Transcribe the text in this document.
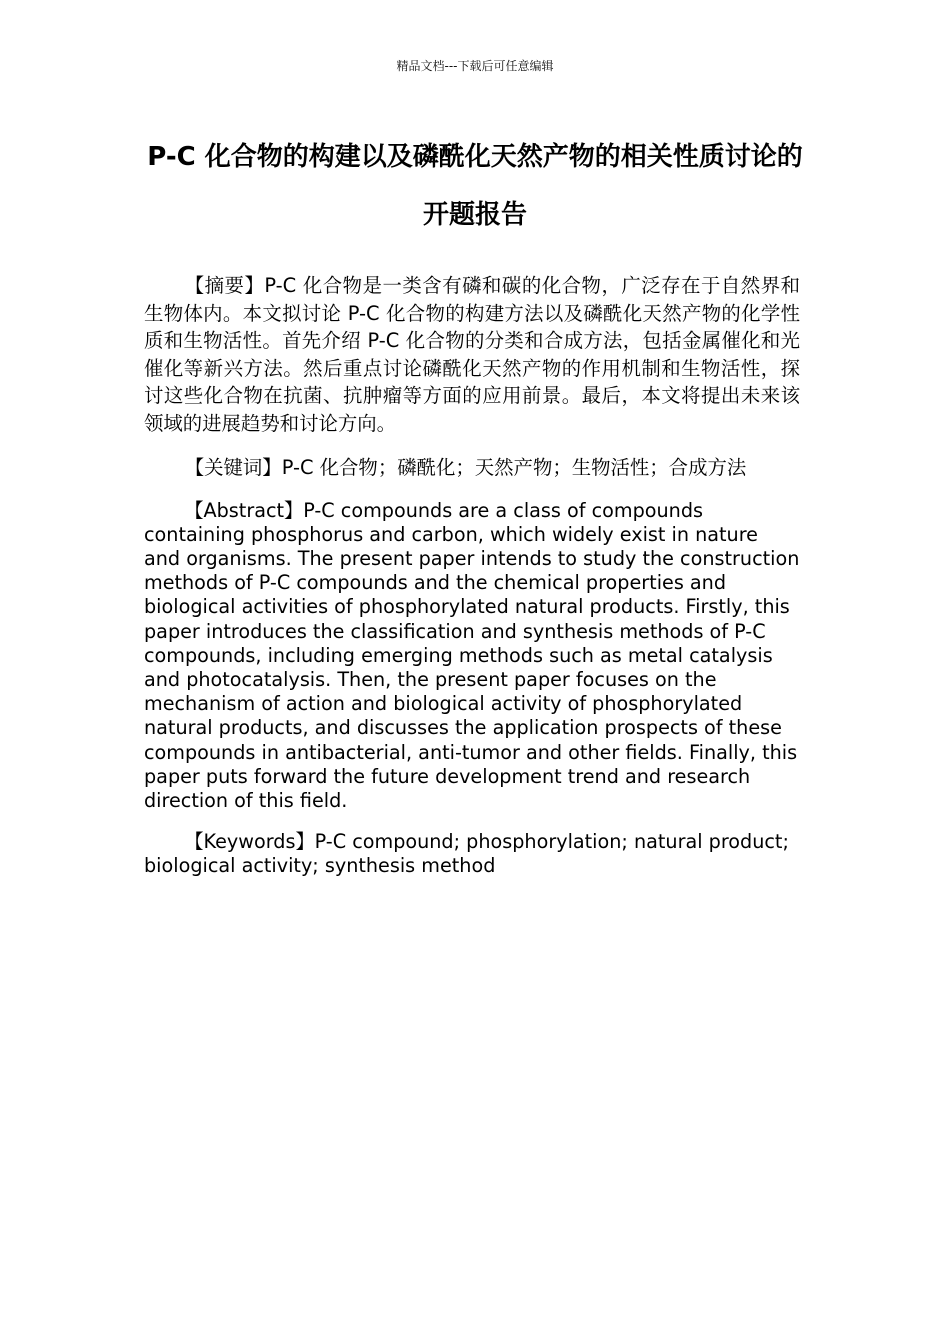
精品文档---下载后可任意编辑
P-C 化合物的构建以及磷酰化天然产物的相关性质讨论的开题报告

【摘要】P-C 化合物是一类含有磷和碳的化合物，广泛存在于自然界和生物体内。本文拟讨论 P-C 化合物的构建方法以及磷酰化天然产物的化学性质和生物活性。首先介绍 P-C 化合物的分类和合成方法，包括金属催化和光催化等新兴方法。然后重点讨论磷酰化天然产物的作用机制和生物活性，探讨这些化合物在抗菌、抗肿瘤等方面的应用前景。最后，本文将提出未来该领域的进展趋势和讨论方向。

【关键词】P-C 化合物；磷酰化；天然产物；生物活性；合成方法

【Abstract】P-C compounds are a class of compounds containing phosphorus and carbon, which widely exist in nature and organisms. The present paper intends to study the construction methods of P-C compounds and the chemical properties and biological activities of phosphorylated natural products. Firstly, this paper introduces the classification and synthesis methods of P-C compounds, including emerging methods such as metal catalysis and photocatalysis. Then, the present paper focuses on the mechanism of action and biological activity of phosphorylated natural products, and discusses the application prospects of these compounds in antibacterial, anti-tumor and other fields. Finally, this paper puts forward the future development trend and research direction of this field.

【Keywords】P-C compound; phosphorylation; natural product; biological activity; synthesis method
